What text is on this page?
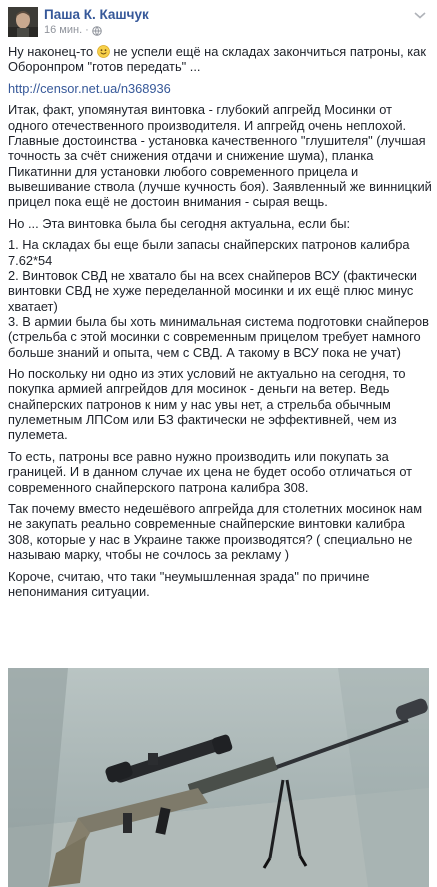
Паша К. Кашчук
16 мин. ·

Ну наконец-то не успели ещё на складах закончиться патроны, как
Оборонпром "готов передать" ...

http://censor.net.ua/n368936

Итак, факт, упомянутая винтовка - глубокий апгрейд Мосинки от
одного отечественного производителя. И апгрейд очень неплохой.
Главные достоинства - установка качественного "глушителя" (лучшая
точность за счёт снижения отдачи и снижение шума), планка
Пикатинни для установки любого современного прицела и
вывешивание ствола (лучше кучность боя). Заявленный же винницкий
прицел пока ещё не достоин внимания - сырая вещь.

Но ... Эта винтовка была бы сегодня актуальна, если бы:

1. На складах бы еще были запасы снайперских патронов калибра
7.62*54
2. Винтовок СВД не хватало бы на всех снайперов ВСУ (фактически
винтовки СВД не хуже переделанной мосинки и их ещё плюс минус
хватает)
3. В армии была бы хоть минимальная система подготовки снайперов
(стрельба с этой мосинки с современным прицелом требует намного
больше знаний и опыта, чем с СВД. А такому в ВСУ пока не учат)

Но поскольку ни одно из этих условий не актуально на сегодня, то
покупка армией апгрейдов для мосинок - деньги на ветер. Ведь
снайперских патронов к ним у нас увы нет, а стрельба обычным
пулеметным ЛПСом или БЗ фактически не эффективней, чем из
пулемета.

То есть, патроны все равно нужно производить или покупать за
границей. И в данном случае их цена не будет особо отличаться от
современного снайперского патрона калибра 308.

Так почему вместо недешёвого апгрейда для столетних мосинок нам
не закупать реально современные снайперские винтовки калибра
308, которые у нас в Украине также производятся? ( специально не
называю марку, чтобы не сочлось за рекламу )

Короче, считаю, что таки "неумышленная зрада" по причине
непонимания ситуации.
